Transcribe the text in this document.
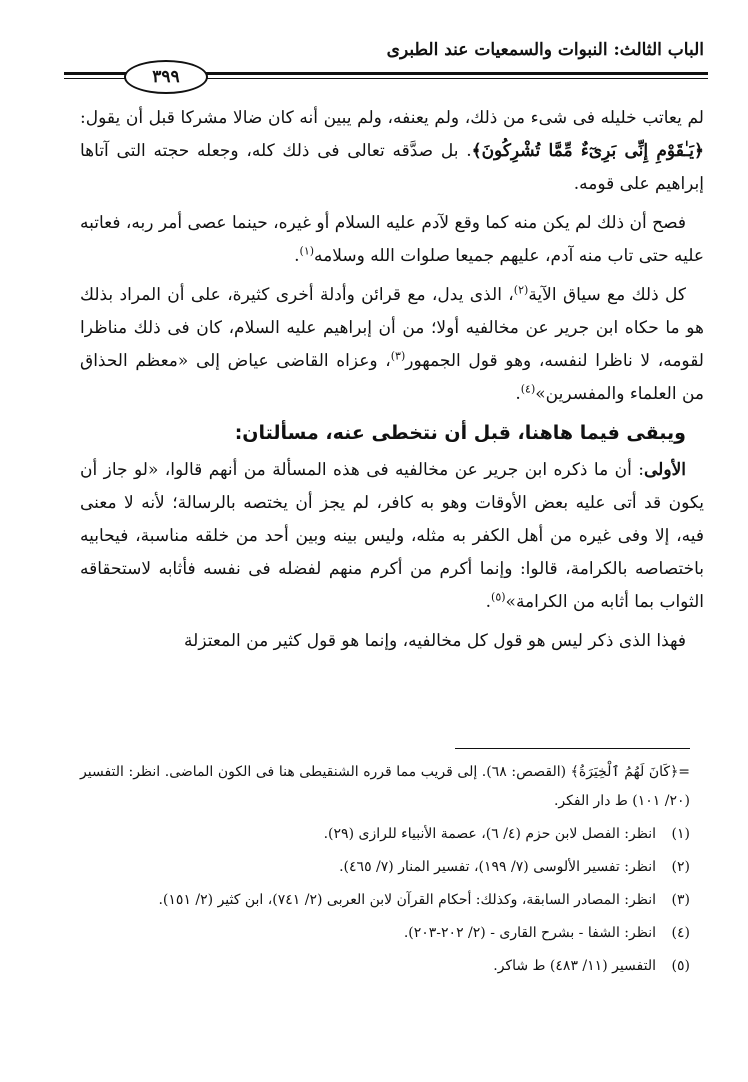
الباب الثالث: النبوات والسمعيات عند الطبرى
٣٩٩

لم يعاتب خليله فى شىء من ذلك، ولم يعنفه، ولم يبين أنه كان ضالا مشركا قبل أن يقول: ﴿يَـٰقَوْمِ إِنِّى بَرِىٓءٌ مِّمَّا تُشْرِكُونَ﴾. بل صدَّقه تعالى فى ذلك كله، وجعله حجته التى آتاها إبراهيم على قومه.

فصح أن ذلك لم يكن منه كما وقع لآدم عليه السلام أو غيره، حينما عصى أمر ربه، فعاتبه عليه حتى تاب منه آدم، عليهم جميعا صلوات الله وسلامه$^{(١)}$.

كل ذلك مع سياق الآية$^{(٢)}$، الذى يدل، مع قرائن وأدلة أخرى كثيرة، على أن المراد بذلك هو ما حكاه ابن جرير عن مخالفيه أولا؛ من أن إبراهيم عليه السلام، كان فى ذلك مناظرا لقومه، لا ناظرا لنفسه، وهو قول الجمهور$^{(٣)}$، وعزاه القاضى عياض إلى «معظم الحذاق من العلماء والمفسرين»$^{(٤)}$.

ويبقى فيما هاهنا، قبل أن نتخطى عنه، مسألتان:

الأولى: أن ما ذكره ابن جرير عن مخالفيه فى هذه المسألة من أنهم قالوا، «لو جاز أن يكون قد أتى عليه بعض الأوقات وهو به كافر، لم يجز أن يختصه بالرسالة؛ لأنه لا معنى فيه، إلا وفى غيره من أهل الكفر به مثله، وليس بينه وبين أحد من خلقه مناسبة، فيحابيه باختصاصه بالكرامة، قالوا: وإنما أكرم من أكرم منهم لفضله فى نفسه فأثابه لاستحقاقه الثواب بما أثابه من الكرامة»$^{(٥)}$.

فهذا الذى ذكر ليس هو قول كل مخالفيه، وإنما هو قول كثير من المعتزلة

=﴿كَانَ لَهُمُ ٱلْخِيَرَةُ﴾ (القصص: ٦٨). إلى قريب مما قرره الشنقيطى هنا فى الكون الماضى. انظر: التفسير (٢٠/ ١٠١) ط دار الفكر.

(١)
انظر: الفصل لابن حزم (٤/ ٦)، عصمة الأنبياء للرازى (٢٩).
(٢)
انظر: تفسير الألوسى (٧/ ١٩٩)، تفسير المنار (٧/ ٤٦٥).
(٣)
انظر: المصادر السابقة، وكذلك: أحكام القرآن لابن العربى (٢/ ٧٤١)، ابن كثير (٢/ ١٥١).
(٤)
انظر: الشفا - بشرح القارى - (٢/ ٢٠٢-٢٠٣).
(٥)
التفسير (١١/ ٤٨٣) ط شاكر.
